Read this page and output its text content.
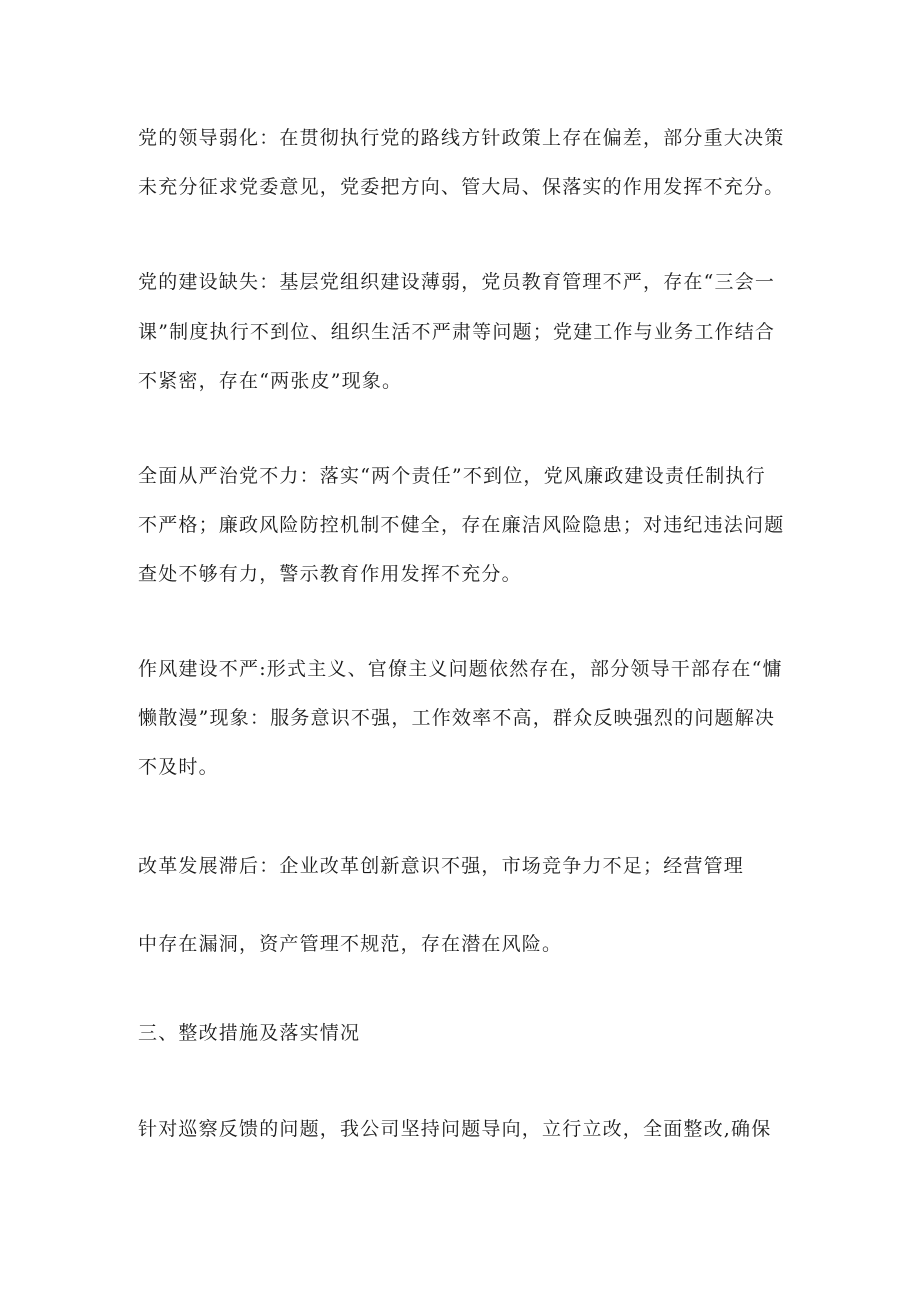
党的领导弱化：在贯彻执行党的路线方针政策上存在偏差，部分重大决策

未充分征求党委意见，党委把方向、管大局、保落实的作用发挥不充分。

党的建设缺失：基层党组织建设薄弱，党员教育管理不严，存在“三会一

课”制度执行不到位、组织生活不严肃等问题；党建工作与业务工作结合

不紧密，存在“两张皮”现象。

全面从严治党不力：落实“两个责任”不到位，党风廉政建设责任制执行

不严格；廉政风险防控机制不健全，存在廉洁风险隐患；对违纪违法问题

查处不够有力，警示教育作用发挥不充分。

作风建设不严:形式主义、官僚主义问题依然存在，部分领导干部存在“慵

懒散漫”现象：服务意识不强，工作效率不高，群众反映强烈的问题解决

不及时。

改革发展滞后：企业改革创新意识不强，市场竞争力不足；经营管理

中存在漏洞，资产管理不规范，存在潜在风险。

三、整改措施及落实情况

针对巡察反馈的问题，我公司坚持问题导向，立行立改，全面整改,确保
